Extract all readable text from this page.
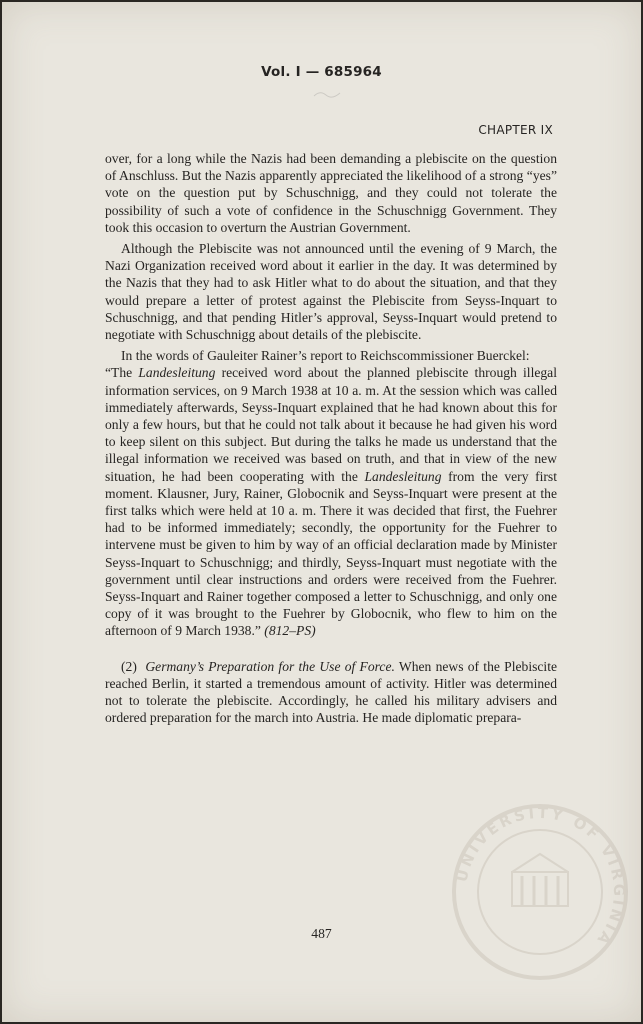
Vol. I — 685964
CHAPTER IX

over, for a long while the Nazis had been demanding a plebiscite on the question of Anschluss. But the Nazis apparently appreciated the likelihood of a strong “yes” vote on the question put by Schuschnigg, and they could not tolerate the possibility of such a vote of confidence in the Schuschnigg Government. They took this occasion to overturn the Austrian Government.

Although the Plebiscite was not announced until the evening of 9 March, the Nazi Organization received word about it earlier in the day. It was determined by the Nazis that they had to ask Hitler what to do about the situation, and that they would prepare a letter of protest against the Plebiscite from Seyss-Inquart to Schuschnigg, and that pending Hitler’s approval, Seyss-Inquart would pretend to negotiate with Schuschnigg about details of the plebiscite.

In the words of Gauleiter Rainer’s report to Reichscommissioner Buerckel:

“The Landesleitung received word about the planned plebiscite through illegal information services, on 9 March 1938 at 10 a. m. At the session which was called immediately afterwards, Seyss-Inquart explained that he had known about this for only a few hours, but that he could not talk about it because he had given his word to keep silent on this subject. But during the talks he made us understand that the illegal information we received was based on truth, and that in view of the new situation, he had been cooperating with the Landesleitung from the very first moment. Klausner, Jury, Rainer, Globocnik and Seyss-Inquart were present at the first talks which were held at 10 a. m. There it was decided that first, the Fuehrer had to be informed immediately; secondly, the opportunity for the Fuehrer to intervene must be given to him by way of an official declaration made by Minister Seyss-Inquart to Schuschnigg; and thirdly, Seyss-Inquart must negotiate with the government until clear instructions and orders were received from the Fuehrer. Seyss-Inquart and Rainer together composed a letter to Schuschnigg, and only one copy of it was brought to the Fuehrer by Globocnik, who flew to him on the afternoon of 9 March 1938.” (812–PS)

(2) Germany’s Preparation for the Use of Force. When news of the Plebiscite reached Berlin, it started a tremendous amount of activity. Hitler was determined not to tolerate the plebiscite. Accordingly, he called his military advisers and ordered preparation for the march into Austria. He made diplomatic prepara-

487
UNIVERSITY OF VIRGINIA
